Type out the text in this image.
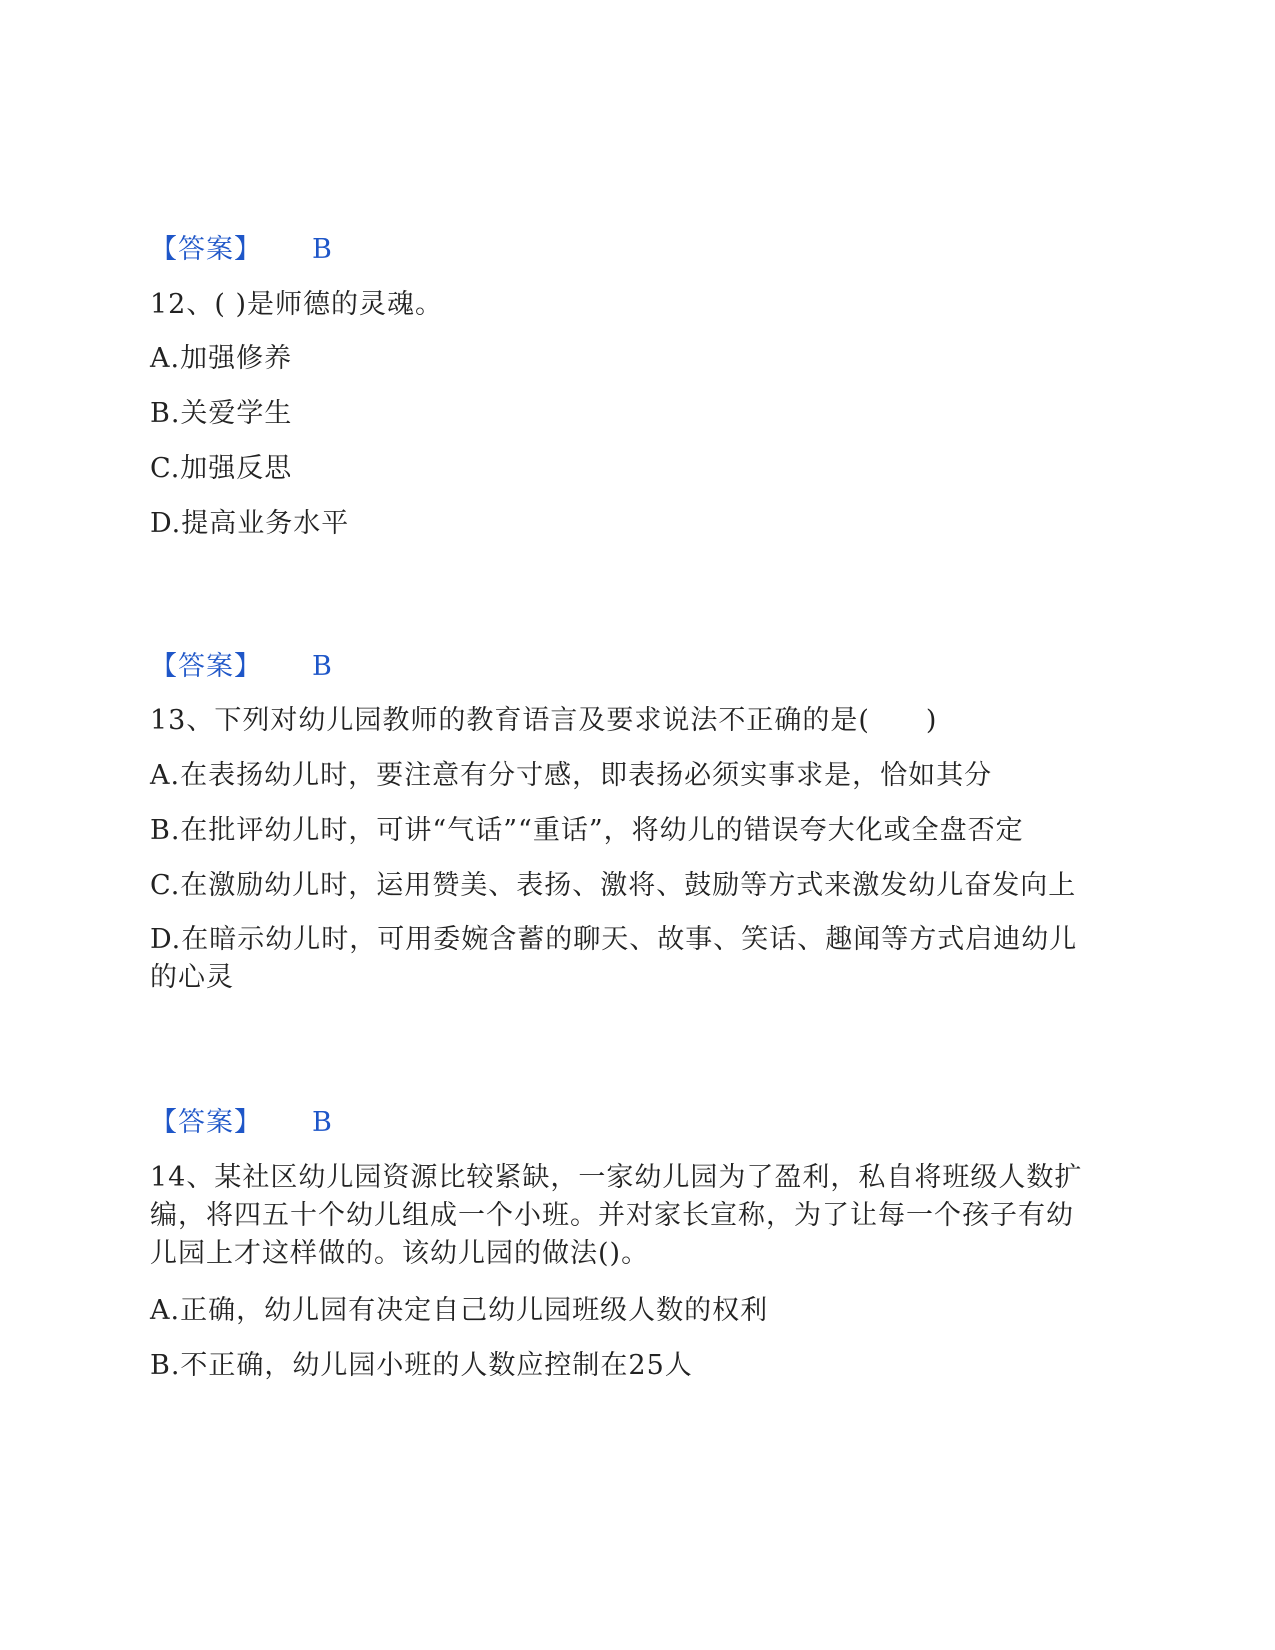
【答案】 B
12、( )是师德的灵魂。
A.加强修养
B.关爱学生
C.加强反思
D.提高业务水平
【答案】 B
13、下列对幼儿园教师的教育语言及要求说法不正确的是(　　)
A.在表扬幼儿时，要注意有分寸感，即表扬必须实事求是，恰如其分
B.在批评幼儿时，可讲“气话”“重话”，将幼儿的错误夸大化或全盘否定
C.在激励幼儿时，运用赞美、表扬、激将、鼓励等方式来激发幼儿奋发向上
D.在暗示幼儿时，可用委婉含蓄的聊天、故事、笑话、趣闻等方式启迪幼儿
的心灵
【答案】 B
14、某社区幼儿园资源比较紧缺，一家幼儿园为了盈利，私自将班级人数扩
编，将四五十个幼儿组成一个小班。并对家长宣称，为了让每一个孩子有幼
儿园上才这样做的。该幼儿园的做法()。
A.正确，幼儿园有决定自己幼儿园班级人数的权利
B.不正确，幼儿园小班的人数应控制在25人
